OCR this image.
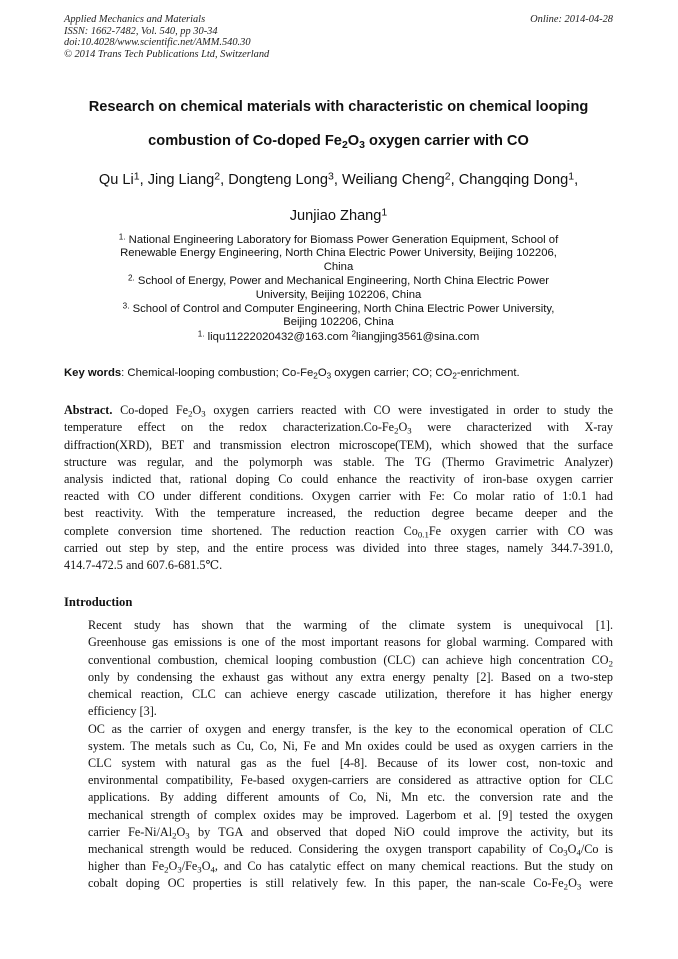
Applied Mechanics and Materials
ISSN: 1662-7482, Vol. 540, pp 30-34
doi:10.4028/www.scientific.net/AMM.540.30
© 2014 Trans Tech Publications Ltd, Switzerland
Online: 2014-04-28
Research on chemical materials with characteristic on chemical looping
combustion of Co-doped $Fe_2O_3$ oxygen carrier with CO
Qu Li$^1$, Jing Liang$^2$, Dongteng Long$^3$, Weiliang Cheng$^2$, Changqing Dong$^1$,
Junjiao Zhang$^1$
$^{1.}$ National Engineering Laboratory for Biomass Power Generation Equipment, School of
Renewable Energy Engineering, North China Electric Power University, Beijing 102206,
China
$^{2.}$ School of Energy, Power and Mechanical Engineering, North China Electric Power
University, Beijing 102206, China
$^{3.}$ School of Control and Computer Engineering, North China Electric Power University,
Beijing 102206, China
$^{1.}$ liqu11222020432@163.com $^2$liangjing3561@sina.com
Key words: Chemical-looping combustion; $Co-Fe_2O_3$ oxygen carrier; CO; $CO_2$-enrichment.
Abstract. Co-doped $Fe_2O_3$ oxygen carriers reacted with CO were investigated in order to study the
temperature effect on the redox $characterization.Co-Fe_2O_3$ were characterized with X-ray
diffraction(XRD), BET and transmission electron microscope(TEM), which showed that the surface
structure was regular, and the polymorph was stable. The TG (Thermo Gravimetric Analyzer)
analysis indicted that, rational doping Co could enhance the reactivity of iron-base oxygen carrier
reacted with CO under different conditions. Oxygen carrier with Fe: Co molar ratio of 1:0.1 had
best reactivity. With the temperature increased, the reduction degree became deeper and the
complete conversion time shortened. The reduction reaction $Co_{0.1}Fe$ oxygen carrier with CO was
carried out step by step, and the entire process was divided into three stages, namely 344.7-391.0,
414.7-472.5 and 607.6-681.5℃.
Introduction
Recent study has shown that the warming of the climate system is unequivocal [1].
Greenhouse gas emissions is one of the most important reasons for global warming. Compared with
conventional combustion, chemical looping combustion (CLC) can achieve high concentration $CO_2$
only by condensing the exhaust gas without any extra energy penalty [2]. Based on a two-step
chemical reaction, CLC can achieve energy cascade utilization, therefore it has higher energy
efficiency [3].
OC as the carrier of oxygen and energy transfer, is the key to the economical operation of CLC
system. The metals such as Cu, Co, Ni, Fe and Mn oxides could be used as oxygen carriers in the
CLC system with natural gas as the fuel [4-8]. Because of its lower cost, non-toxic and
environmental compatibility, Fe-based oxygen-carriers are considered as attractive option for CLC
applications. By adding different amounts of Co, Ni, Mn etc. the conversion rate and the
mechanical strength of complex oxides may be improved. Lagerbom et al. [9] tested the oxygen
carrier $Fe-Ni/Al_2O_3$ by TGA and observed that doped NiO could improve the activity, but its
mechanical strength would be reduced. Considering the oxygen transport capability of $Co_3O_4/Co$ is
higher than $Fe_2O_3/Fe_3O_4$, and Co has catalytic effect on many chemical reactions. But the study on
cobalt doping OC properties is still relatively few. In this paper, the nan-scale $Co-Fe_2O_3$ were
